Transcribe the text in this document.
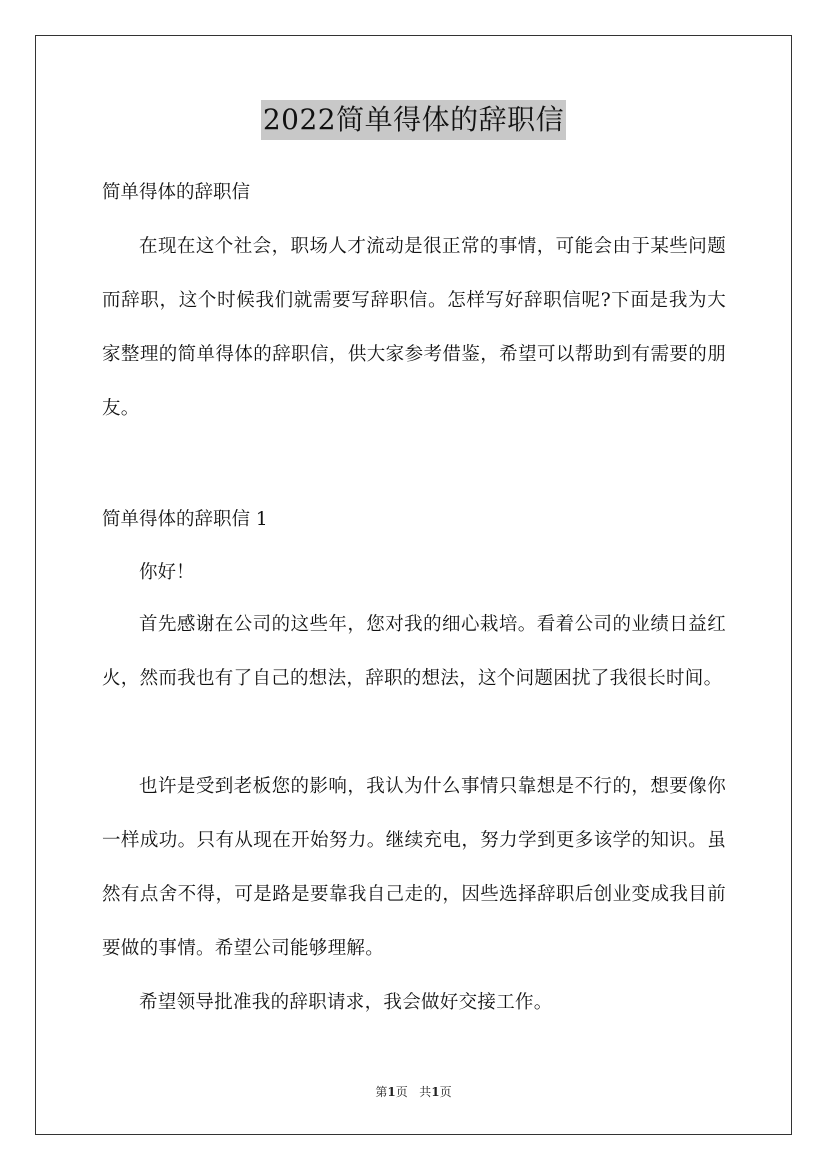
2022简单得体的辞职信

简单得体的辞职信

在现在这个社会，职场人才流动是很正常的事情，可能会由于某些问题而辞职，这个时候我们就需要写辞职信。怎样写好辞职信呢?下面是我为大家整理的简单得体的辞职信，供大家参考借鉴，希望可以帮助到有需要的朋友。

简单得体的辞职信 1

你好！

首先感谢在公司的这些年，您对我的细心栽培。看着公司的业绩日益红火，然而我也有了自己的想法，辞职的想法，这个问题困扰了我很长时间。

也许是受到老板您的影响，我认为什么事情只靠想是不行的，想要像你一样成功。只有从现在开始努力。继续充电，努力学到更多该学的知识。虽然有点舍不得，可是路是要靠我自己走的，因些选择辞职后创业变成我目前要做的事情。希望公司能够理解。

希望领导批准我的辞职请求，我会做好交接工作。

第1页 共1页
